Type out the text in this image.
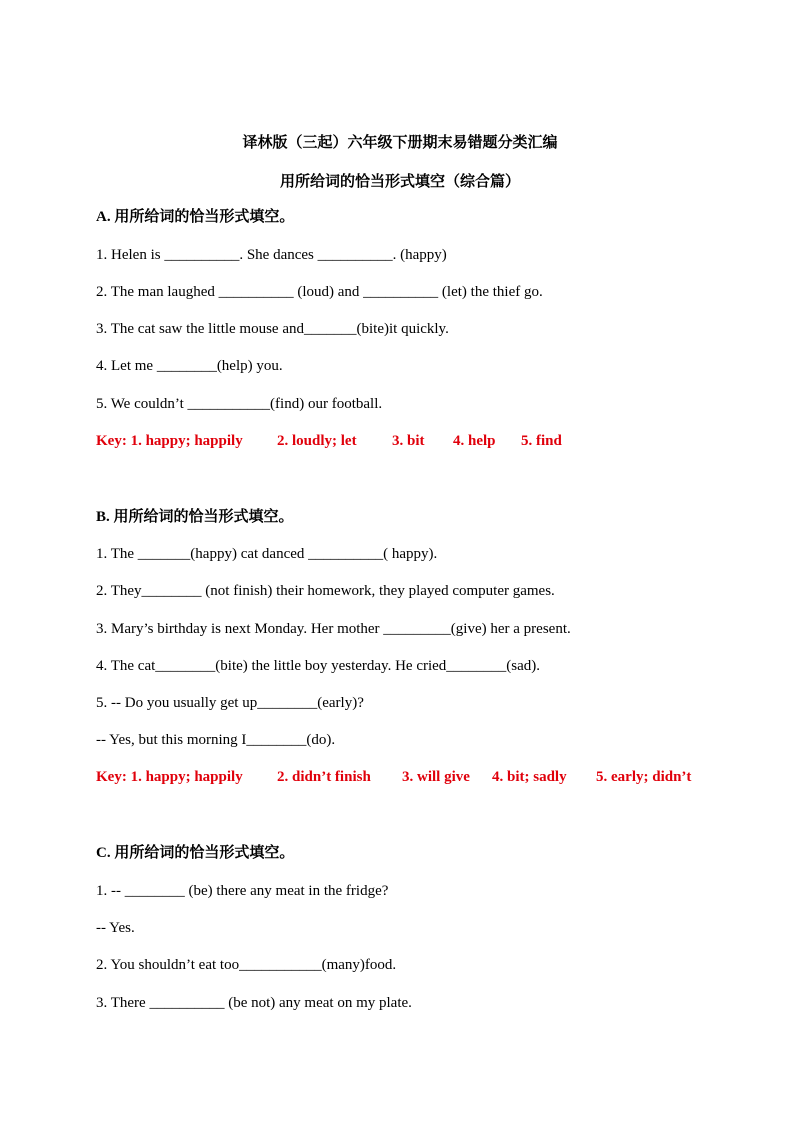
译林版（三起）六年级下册期末易错题分类汇编
用所给词的恰当形式填空（综合篇）
A. 用所给词的恰当形式填空。
1. Helen is __________. She dances __________. (happy)
2. The man laughed __________ (loud) and __________ (let) the thief go.
3. The cat saw the little mouse and_______(bite)it quickly.
4. Let me ________(help) you.
5. We couldn’t ___________(find) our football.
Key: 1. happy; happily 2. loudly; let 3. bit 4. help 5. find
B. 用所给词的恰当形式填空。
1. The _______(happy) cat danced __________( happy).
2. They________ (not finish) their homework, they played computer games.
3. Mary’s birthday is next Monday. Her mother _________(give) her a present.
4. The cat________(bite) the little boy yesterday. He cried________(sad).
5. -- Do you usually get up________(early)?
-- Yes, but this morning I________(do).
Key: 1. happy; happily 2. didn’t finish 3. will give 4. bit; sadly 5. early; didn’t
C. 用所给词的恰当形式填空。
1. -- ________ (be) there any meat in the fridge?
-- Yes.
2. You shouldn’t eat too___________(many)food.
3. There __________ (be not) any meat on my plate.
